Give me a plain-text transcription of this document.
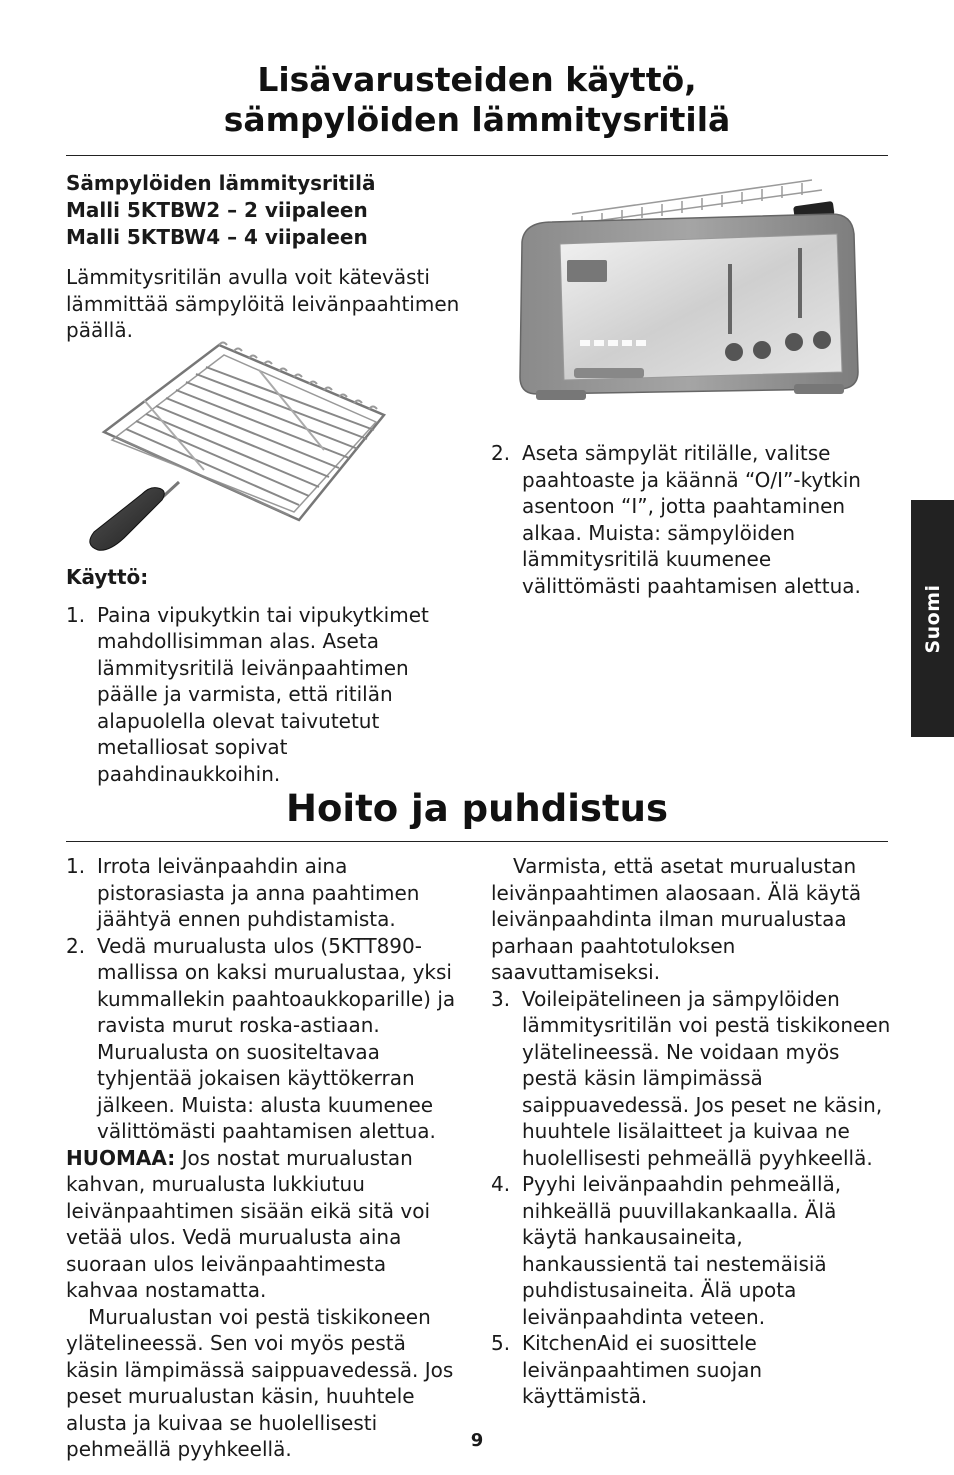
Lisävarusteiden käyttö,
sämpylöiden lämmitysritilä

Sämpylöiden lämmitysritilä
Malli 5KTBW2 – 2 viipaleen
Malli 5KTBW4 – 4 viipaleen

Lämmitysritilän avulla voit kätevästi lämmittää sämpylöitä leivänpaahtimen päällä.

Käyttö:

1. Paina vipukytkin tai vipukytkimet mahdollisimman alas. Aseta lämmitysritilä leivänpaahtimen päälle ja varmista, että ritilän alapuolella olevat taivutetut metalliosat sopivat paahdinaukkoihin.
2. Aseta sämpylät ritilälle, valitse paahtoaste ja käännä “O/I”-kytkin asentoon “I”, jotta paahtaminen alkaa. Muista: sämpylöiden lämmitysritilä kuumenee välittömästi paahtamisen alettua.	Suomi
Hoito ja puhdistus
1. Irrota leivänpaahdin aina pistorasiasta ja anna paahtimen jäähtyä ennen puhdistamista.
2. Vedä murualusta ulos (5KTT890-mallissa on kaksi murualustaa, yksi kummallekin paahtoaukkoparille) ja ravista murut roska-astiaan. Murualusta on suositeltavaa tyhjentää jokaisen käyttökerran jälkeen. Muista: alusta kuumenee välittömästi paahtamisen alettua.

HUOMAA: Jos nostat murualustan kahvan, murualusta lukkiutuu leivänpaahtimen sisään eikä sitä voi vetää ulos. Vedä murualusta aina suoraan ulos leivänpaahtimesta kahvaa nostamatta.

Murualustan voi pestä tiskikoneen ylätelineessä. Sen voi myös pestä käsin lämpimässä saippuavedessä. Jos peset murualustan käsin, huuhtele alusta ja kuivaa se huolellisesti pehmeällä pyyhkeellä.

Varmista, että asetat murualustan leivänpaahtimen alaosaan. Älä käytä leivänpaahdinta ilman murualustaa parhaan paahtotuloksen saavuttamiseksi.

3. Voileipätelineen ja sämpylöiden lämmitysritilän voi pestä tiskikoneen ylätelineessä. Ne voidaan myös pestä käsin lämpimässä saippuavedessä. Jos peset ne käsin, huuhtele lisälaitteet ja kuivaa ne huolellisesti pehmeällä pyyhkeellä.
4. Pyyhi leivänpaahdin pehmeällä, nihkeällä puuvillakankaalla. Älä käytä hankausaineita, hankaussientä tai nestemäisiä puhdistusaineita. Älä upota leivänpaahdinta veteen.
5. KitchenAid ei suosittele leivänpaahtimen suojan käyttämistä.
9
